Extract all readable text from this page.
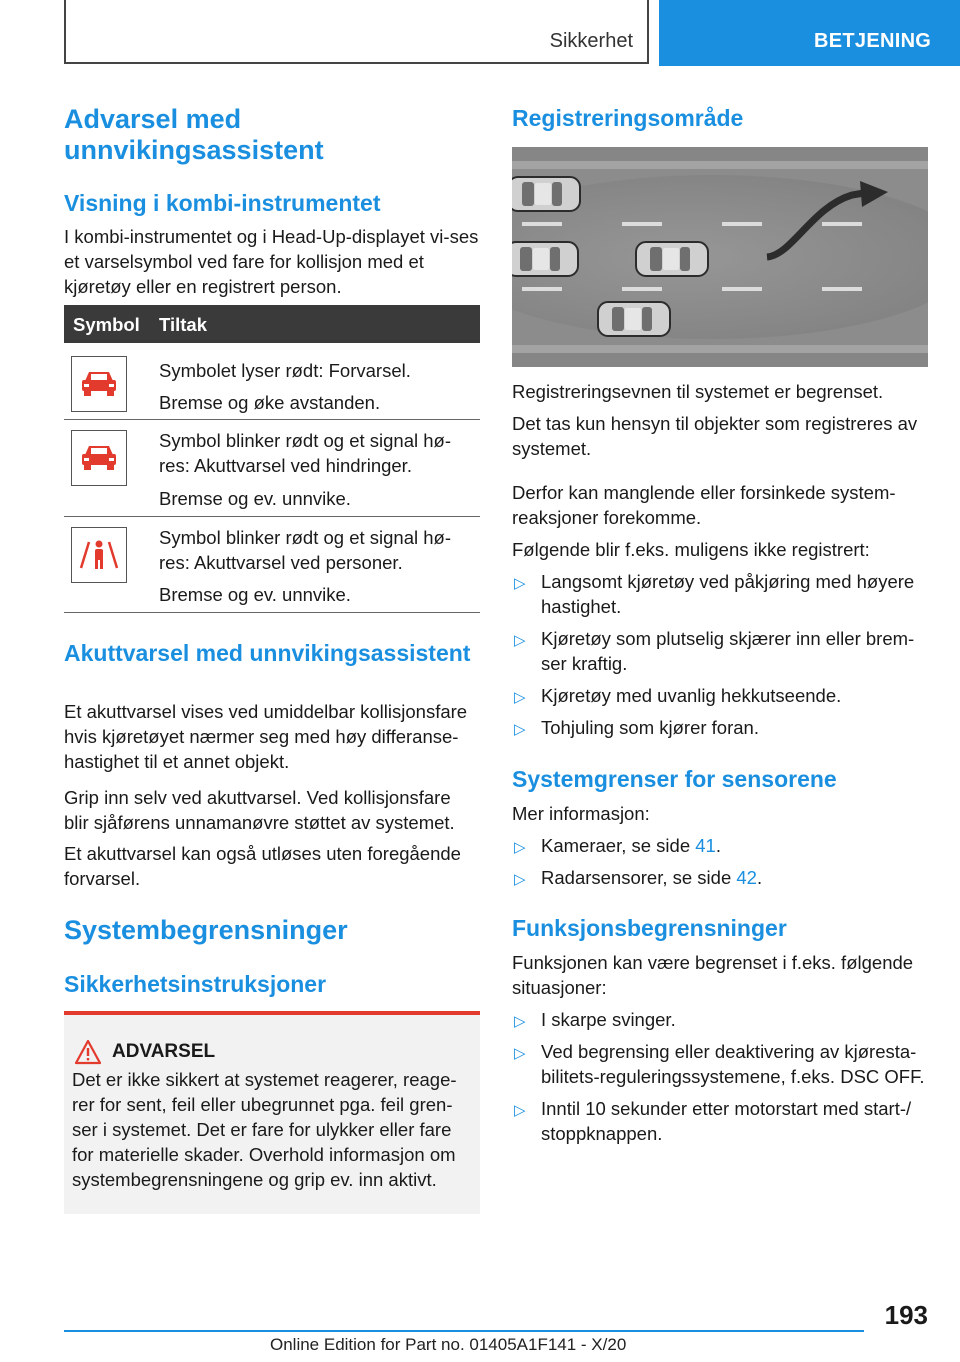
Sikkerhet	BETJENING
Advarsel med unnvikingsassistent
Visning i kombi-instrumentet
I kombi-instrumentet og i Head-Up-displayet vi-ses et varselsymbol ved fare for kollisjon med et kjøretøy eller en registrert person.
Symbol Tiltak
Symbolet lyser rødt: Forvarsel.
Bremse og øke avstanden.
Symbol blinker rødt og et signal hø-res: Akuttvarsel ved hindringer.
Bremse og ev. unnvike.
Symbol blinker rødt og et signal hø-res: Akuttvarsel ved personer.
Bremse og ev. unnvike.
Akuttvarsel med unnvikingsassistent
Et akuttvarsel vises ved umiddelbar kollisjonsfare hvis kjøretøyet nærmer seg med høy differanse-hastighet til et annet objekt.
Grip inn selv ved akuttvarsel. Ved kollisjonsfare blir sjåførens unnamanøvre støttet av systemet.
Et akuttvarsel kan også utløses uten foregående forvarsel.
Systembegrensninger
Sikkerhetsinstruksjoner
ADVARSEL
Det er ikke sikkert at systemet reagerer, reage-rer for sent, feil eller ubegrunnet pga. feil gren-ser i systemet. Det er fare for ulykker eller fare for materielle skader. Overhold informasjon om systembegrensningene og grip ev. inn aktivt.
Registreringsområde
Registreringsevnen til systemet er begrenset.
Det tas kun hensyn til objekter som registreres av systemet.
Derfor kan manglende eller forsinkede system-reaksjoner forekomme.
Følgende blir f.eks. muligens ikke registrert:
▷ Langsomt kjøretøy ved påkjøring med høyere hastighet.
▷ Kjøretøy som plutselig skjærer inn eller brem-ser kraftig.
▷ Kjøretøy med uvanlig hekkutseende.
▷ Tohjuling som kjører foran.
Systemgrenser for sensorene
Mer informasjon:
▷ Kameraer, se side 41.
▷ Radarsensorer, se side 42.
Funksjonsbegrensninger
Funksjonen kan være begrenset i f.eks. følgende situasjoner:
▷ I skarpe svinger.
▷ Ved begrensing eller deaktivering av kjøresta-bilitets-reguleringssystemene, f.eks. DSC OFF.
▷ Inntil 10 sekunder etter motorstart med start-/ stoppknappen.
193
Online Edition for Part no. 01405A1F141 - X/20
